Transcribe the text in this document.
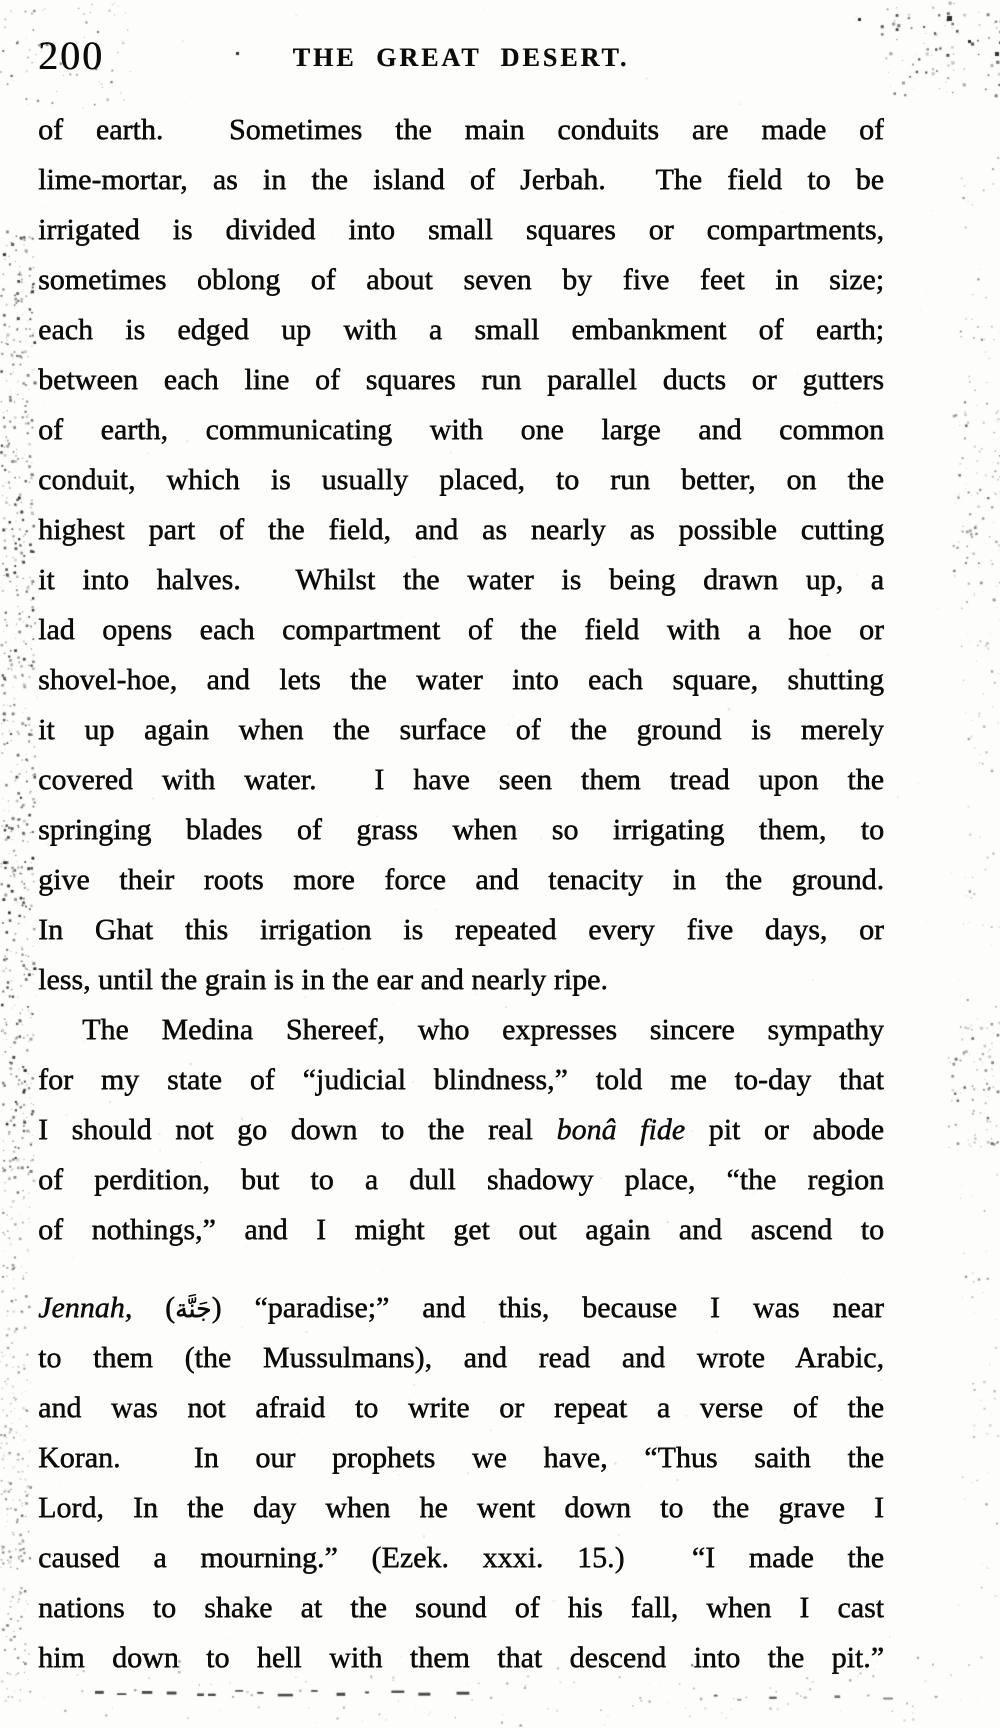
200	THE GREAT DESERT.
of earth.  Sometimes the main conduits are made of
lime-mortar, as in the island of Jerbah.  The field to be
irrigated is divided into small squares or compartments,
sometimes oblong of about seven by five feet in size;
each is edged up with a small embankment of earth;
between each line of squares run parallel ducts or gutters
of earth, communicating with one large and common
conduit, which is usually placed, to run better, on the
highest part of the field, and as nearly as possible cutting
it into halves.  Whilst the water is being drawn up, a
lad opens each compartment of the field with a hoe or
shovel-hoe, and lets the water into each square, shutting
it up again when the surface of the ground is merely
covered with water.  I have seen them tread upon the
springing blades of grass when so irrigating them, to
give their roots more force and tenacity in the ground.
In Ghat this irrigation is repeated every five days, or
less, until the grain is in the ear and nearly ripe.
The Medina Shereef, who expresses sincere sympathy
for my state of “judicial blindness,” told me to-day that
I should not go down to the real bonâ fide pit or abode
of perdition, but to a dull shadowy place, “the region
of nothings,” and I might get out again and ascend to
Jennah, (جَنَّة) “paradise;” and this, because I was near
to them (the Mussulmans), and read and wrote Arabic,
and was not afraid to write or repeat a verse of the
Koran.  In our prophets we have, “Thus saith the
Lord, In the day when he went down to the grave I
caused a mourning.” (Ezek. xxxi. 15.)  “I made the
nations to shake at the sound of his fall, when I cast
him down to hell with them that descend into the pit.”
